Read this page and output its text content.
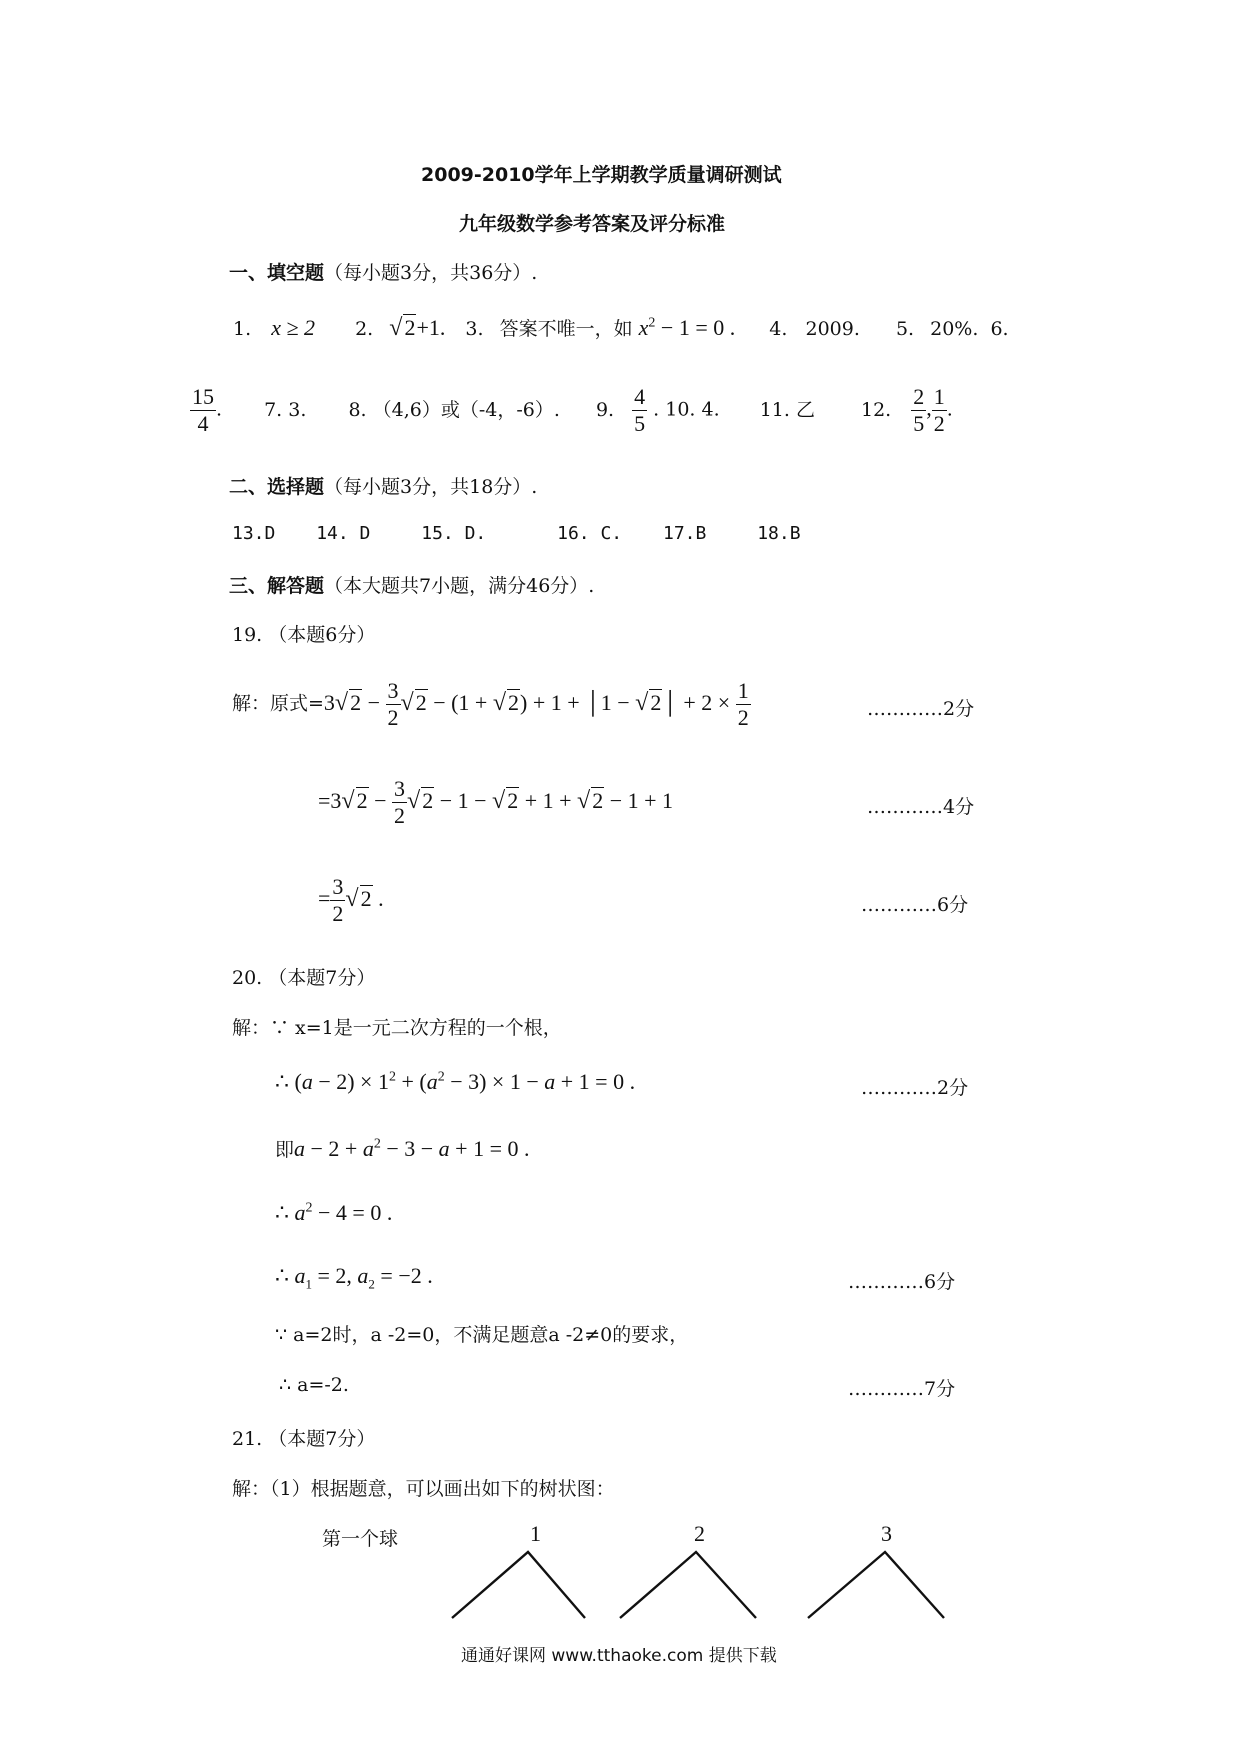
2009-2010学年上学期教学质量调研测试
九年级数学参考答案及评分标准
一、填空题（每小题3分，共36分）.
1. x ≥ 2 2. √2+1. 3. 答案不唯一，如 $x^2 - 1 = 0$ . 4. 2009. 5. 20%. 6.
$\frac{15}{4}$ . 7. 3. 8. （4,6）或（-4，-6）. 9. $\frac{4}{5}$ . 10. 4. 11. 乙 12. $\frac{2}{5}$ , $\frac{1}{2}$ .
二、选择题（每小题3分，共18分）.
13.D 14. D	15. D.	16. C. 17.B	18.B
三、解答题（本大题共7小题，满分46分）.
19. （本题6分）
解：原式$=3√2 - \frac{3}{2} √2 - (1 + √2) + 1$ + │1 − √2│ + $2 \times \frac{1}{2}$	…………2分
$=3√2 - \frac{3}{2} √2 - 1 - √2 + 1 + √2 - 1 + 1$	…………4分
= $\frac{3}{2} √2$ .	…………6分
20. （本题7分）
解：∵ x=1是一元二次方程的一个根，
∴ $(a - 2) \times 1^2 + (a^2 - 3) \times 1 - a + 1 = 0$ .	…………2分
即$a - 2 + a^2 - 3 - a + 1 = 0$ .
∴ $a^2 - 4 = 0$ .
∴ $a_1 = 2$, $a_2 = -2$ .	…………6分
∵ a=2时，a -2=0，不满足题意a -2≠0的要求，
∴ a=-2.	…………7分
21. （本题7分）
解：（1）根据题意，可以画出如下的树状图：
第一个球	1	2	3
通通好课网 www.tthaoke.com 提供下载
